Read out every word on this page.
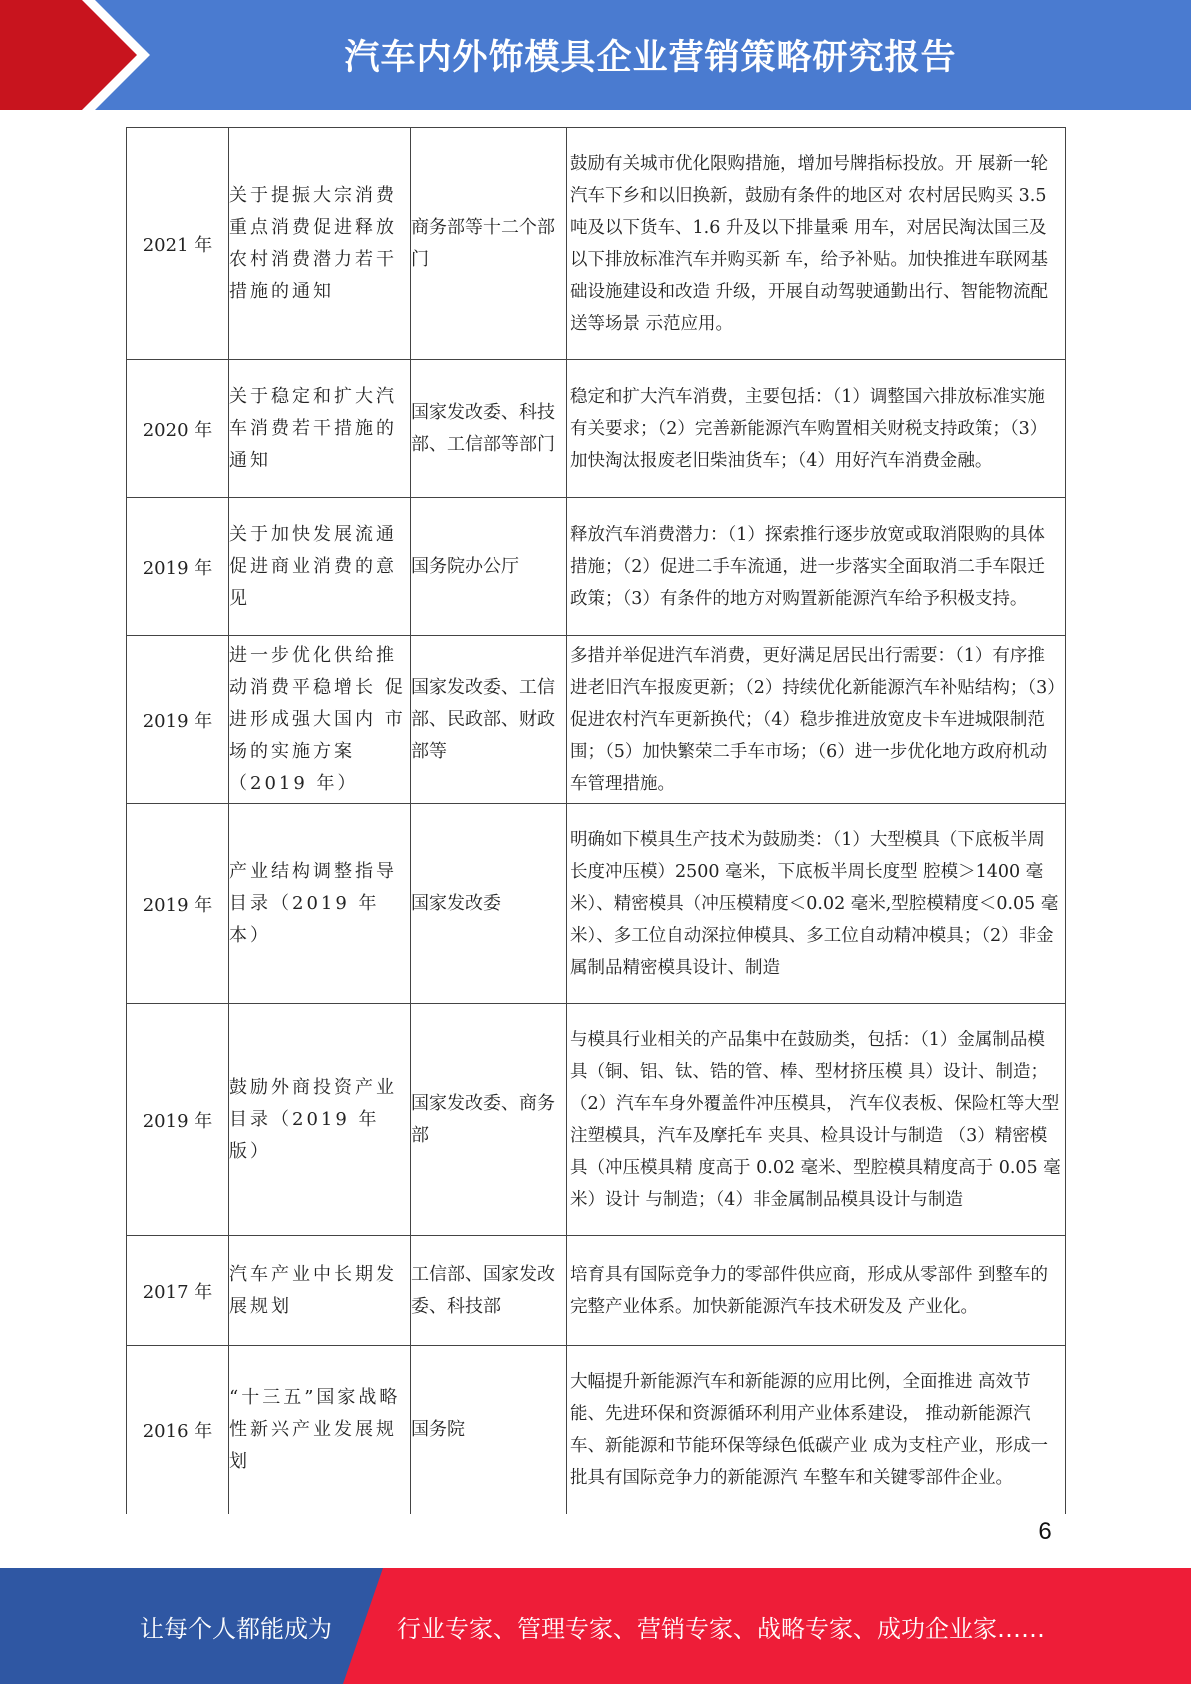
汽车内外饰模具企业营销策略研究报告
2021 年	关于提振大宗消费重点消费促进释放农村消费潜力若干措施的通知	商务部等十二个部门	鼓励有关城市优化限购措施，增加号牌指标投放。开 展新一轮汽车下乡和以旧换新，鼓励有条件的地区对 农村居民购买 3.5 吨及以下货车、1.6 升及以下排量乘 用车，对居民淘汰国三及以下排放标准汽车并购买新 车，给予补贴。加快推进车联网基础设施建设和改造 升级，开展自动驾驶通勤出行、智能物流配送等场景 示范应用。
2020 年	关于稳定和扩大汽车消费若干措施的通知	国家发改委、科技部、工信部等部门	稳定和扩大汽车消费，主要包括：（1）调整国六排放标准实施有关要求；（2）完善新能源汽车购置相关财税支持政策；（3）加快淘汰报废老旧柴油货车；（4）用好汽车消费金融。
2019 年	关于加快发展流通促进商业消费的意见	国务院办公厅	释放汽车消费潜力：（1）探索推行逐步放宽或取消限购的具体措施；（2）促进二手车流通，进一步落实全面取消二手车限迁政策；（3）有条件的地方对购置新能源汽车给予积极支持。
2019 年	进一步优化供给推动消费平稳增长 促进形成强大国内 市场的实施方案（2019 年）	国家发改委、工信部、民政部、财政部等	多措并举促进汽车消费，更好满足居民出行需要：（1）有序推进老旧汽车报废更新；（2）持续优化新能源汽车补贴结构；（3）促进农村汽车更新换代；（4）稳步推进放宽皮卡车进城限制范围；（5）加快繁荣二手车市场；（6）进一步优化地方政府机动车管理措施。
2019 年	产业结构调整指导目录（2019 年本）	国家发改委	明确如下模具生产技术为鼓励类：（1）大型模具（下底板半周长度冲压模）2500 毫米，下底板半周长度型 腔模＞1400 毫米）、精密模具（冲压模精度＜0.02 毫米,型腔模精度＜0.05 毫米）、多工位自动深拉伸模具、多工位自动精冲模具；（2）非金属制品精密模具设计、制造
2019 年	鼓励外商投资产业目录（2019 年版）	国家发改委、商务部	与模具行业相关的产品集中在鼓励类，包括：（1）金属制品模具（铜、铝、钛、锆的管、棒、型材挤压模 具）设计、制造；（2）汽车车身外覆盖件冲压模具， 汽车仪表板、保险杠等大型注塑模具，汽车及摩托车 夹具、检具设计与制造 （3）精密模具（冲压模具精 度高于 0.02 毫米、型腔模具精度高于 0.05 毫米）设计 与制造；（4）非金属制品模具设计与制造
2017 年	汽车产业中长期发展规划	工信部、国家发改委、科技部	培育具有国际竞争力的零部件供应商，形成从零部件 到整车的完整产业体系。加快新能源汽车技术研发及 产业化。
2016 年	“十三五”国家战略性新兴产业发展规划	国务院	大幅提升新能源汽车和新能源的应用比例，全面推进 高效节能、先进环保和资源循环利用产业体系建设， 推动新能源汽车、新能源和节能环保等绿色低碳产业 成为支柱产业，形成一批具有国际竞争力的新能源汽 车整车和关键零部件企业。
6
让每个人都能成为	行业专家、管理专家、营销专家、战略专家、成功企业家……
